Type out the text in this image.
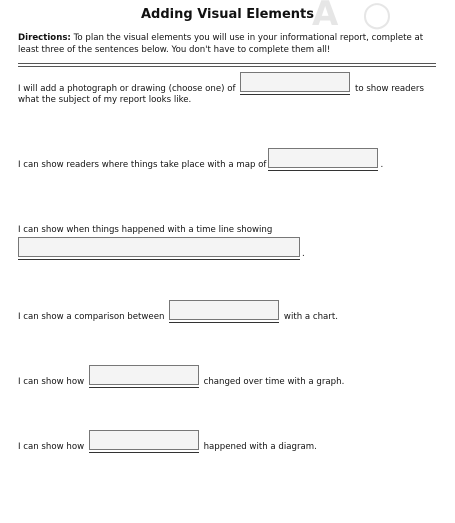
A ○
Adding Visual Elements
Directions: To plan the visual elements you will use in your informational report, complete at least three of the sentences below. You don't have to complete them all!
I will add a photograph or drawing (choose one) of	to show readers
what the subject of my report looks like.
I can show readers where things take place with a map of	.
I can show when things happened with a time line showing
.
I can show a comparison between	with a chart.
I can show how	changed over time with a graph.
I can show how	happened with a diagram.
